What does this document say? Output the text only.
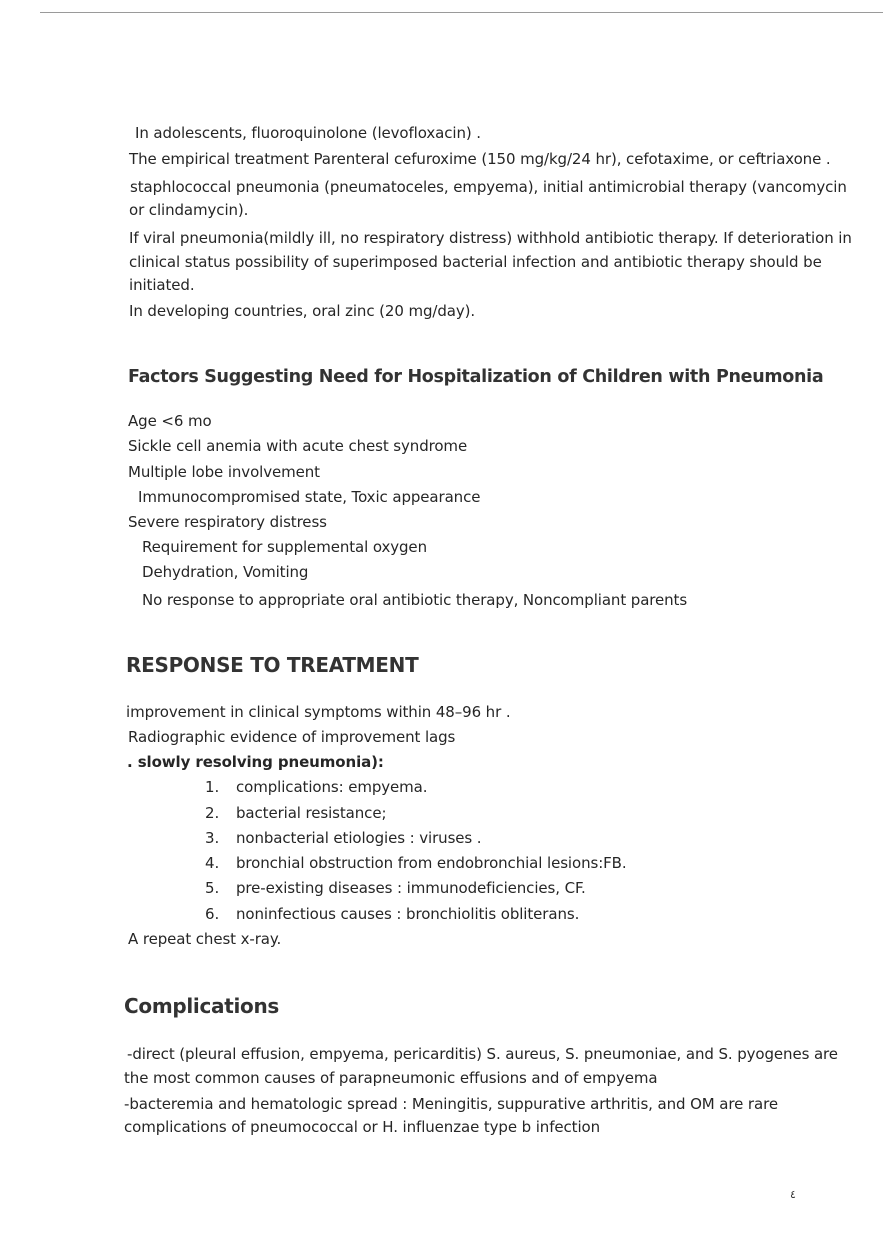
In adolescents, fluoroquinolone (levofloxacin) .
The empirical treatment Parenteral cefuroxime (150 mg/kg/24 hr), cefotaxime, or ceftriaxone .
staphlococcal pneumonia (pneumatoceles, empyema), initial antimicrobial therapy (vancomycin
or clindamycin).
If viral pneumonia(mildly ill, no respiratory distress) withhold antibiotic therapy. If deterioration in
clinical status possibility of superimposed bacterial infection and antibiotic therapy should be
initiated.
In developing countries, oral zinc (20 mg/day).
Factors Suggesting Need for Hospitalization of Children with Pneumonia
Age <6 mo
Sickle cell anemia with acute chest syndrome
Multiple lobe involvement
Immunocompromised state, Toxic appearance
Severe respiratory distress
Requirement for supplemental oxygen
Dehydration, Vomiting
No response to appropriate oral antibiotic therapy, Noncompliant parents
RESPONSE TO TREATMENT
improvement in clinical symptoms within 48–96 hr .
Radiographic evidence of improvement lags
. slowly resolving pneumonia):
1. complications: empyema.
2. bacterial resistance;
3. nonbacterial etiologies : viruses .
4. bronchial obstruction from endobronchial lesions:FB.
5. pre-existing diseases : immunodeficiencies, CF.
6. noninfectious causes : bronchiolitis obliterans.
A repeat chest x-ray.
Complications
-direct (pleural effusion, empyema, pericarditis) S. aureus, S. pneumoniae, and S. pyogenes are
the most common causes of parapneumonic effusions and of empyema
-bacteremia and hematologic spread : Meningitis, suppurative arthritis, and OM are rare
complications of pneumococcal or H. influenzae type b infection
٤
